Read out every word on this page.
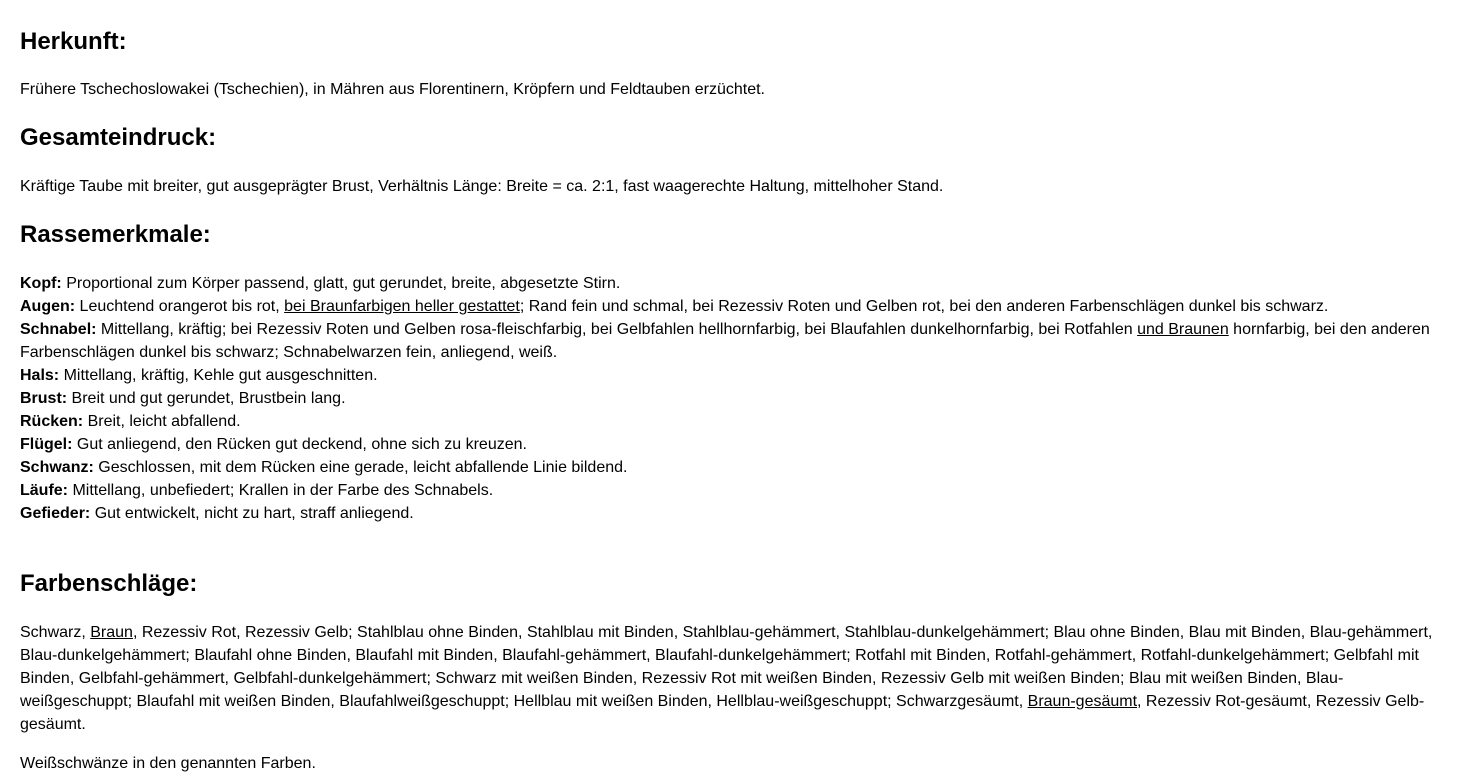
Herkunft:

Frühere Tschechoslowakei (Tschechien), in Mähren aus Florentinern, Kröpfern und Feldtauben erzüchtet.

Gesamteindruck:

Kräftige Taube mit breiter, gut ausgeprägter Brust, Verhältnis Länge: Breite = ca. 2:1, fast waagerechte Haltung, mittelhoher Stand.

Rassemerkmale:
Kopf: Proportional zum Körper passend, glatt, gut gerundet, breite, abgesetzte Stirn.
Augen: Leuchtend orangerot bis rot, bei Braunfarbigen heller gestattet; Rand fein und schmal, bei Rezessiv Roten und Gelben rot, bei den anderen Farbenschlägen dunkel bis schwarz.
Schnabel: Mittellang, kräftig; bei Rezessiv Roten und Gelben rosa-fleischfarbig, bei Gelbfahlen hellhornfarbig, bei Blaufahlen dunkelhornfarbig, bei Rotfahlen und Braunen hornfarbig, bei den anderen Farbenschlägen dunkel bis schwarz; Schnabelwarzen fein, anliegend, weiß.
Hals: Mittellang, kräftig, Kehle gut ausgeschnitten.
Brust: Breit und gut gerundet, Brustbein lang.
Rücken: Breit, leicht abfallend.
Flügel: Gut anliegend, den Rücken gut deckend, ohne sich zu kreuzen.
Schwanz: Geschlossen, mit dem Rücken eine gerade, leicht abfallende Linie bildend.
Läufe: Mittellang, unbefiedert; Krallen in der Farbe des Schnabels.
Gefieder: Gut entwickelt, nicht zu hart, straff anliegend.
Farbenschläge:

Schwarz, Braun, Rezessiv Rot, Rezessiv Gelb; Stahlblau ohne Binden, Stahlblau mit Binden, Stahlblau-gehämmert, Stahlblau-dunkelgehämmert; Blau ohne Binden, Blau mit Binden, Blau-gehämmert, Blau-dunkelgehämmert; Blaufahl ohne Binden, Blaufahl mit Binden, Blaufahl-gehämmert, Blaufahl-dunkelgehämmert; Rotfahl mit Binden, Rotfahl-gehämmert, Rotfahl-dunkelgehämmert; Gelbfahl mit Binden, Gelbfahl-gehämmert, Gelbfahl-dunkelgehämmert; Schwarz mit weißen Binden, Rezessiv Rot mit weißen Binden, Rezessiv Gelb mit weißen Binden; Blau mit weißen Binden, Blau-weißgeschuppt; Blaufahl mit weißen Binden, Blaufahlweißgeschuppt; Hellblau mit weißen Binden, Hellblau-weißgeschuppt; Schwarzgesäumt, Braun-gesäumt, Rezessiv Rot-gesäumt, Rezessiv Gelb-gesäumt.

Weißschwänze in den genannten Farben.
